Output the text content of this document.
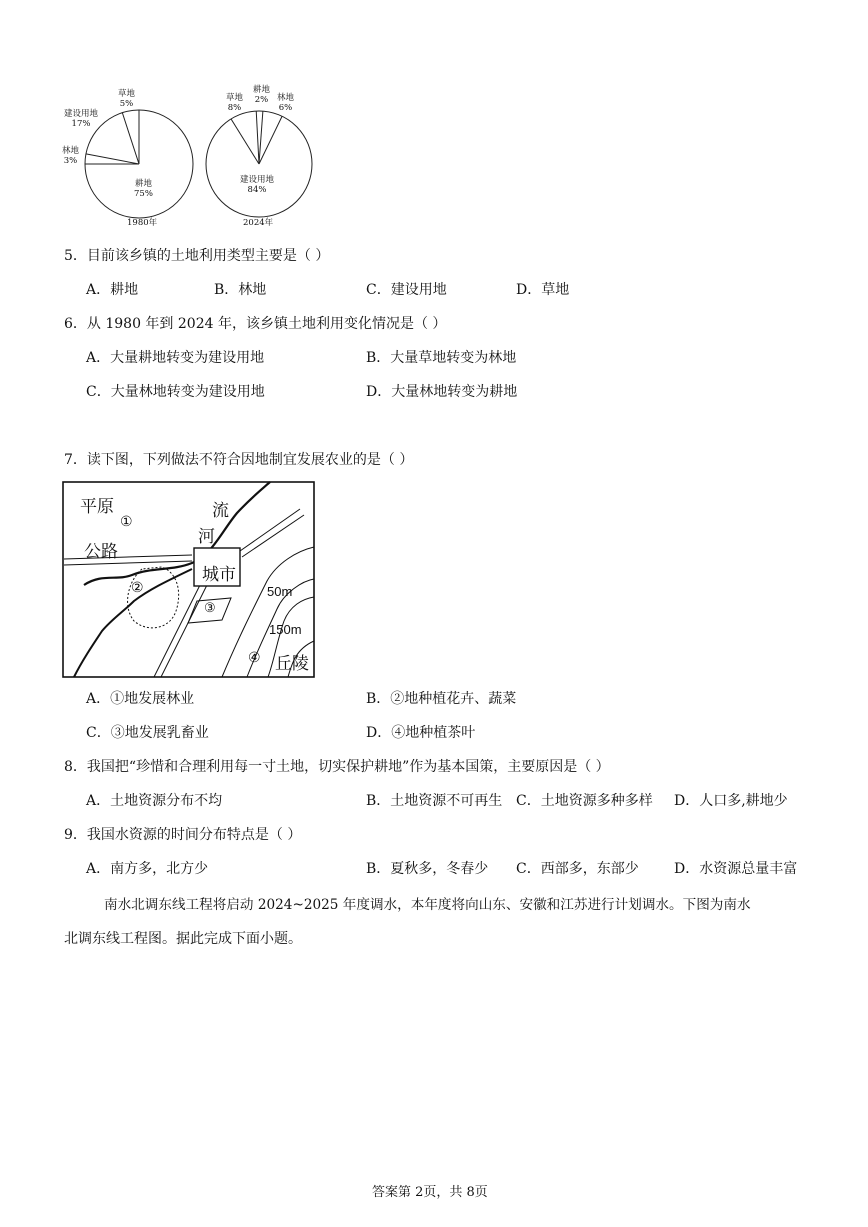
草地
5%
建设用地
17%
林地
3%
耕地
75%
1980年
草地
8%
耕地
2% 林地
6%
建设用地
84%
2024年
5．目前该乡镇的土地利用类型主要是（ ）
A．耕地	B．林地	C．建设用地	D．草地
6．从 1980 年到 2024 年，该乡镇土地利用变化情况是（ ）
A．大量耕地转变为建设用地	B．大量草地转变为林地
C．大量林地转变为建设用地	D．大量林地转变为耕地
7．读下图，下列做法不符合因地制宜发展农业的是（ ）
平原
①
流
河
公路
城市
②
③
50m
150m
④ 丘陵
A．①地发展林业	B．②地种植花卉、蔬菜
C．③地发展乳畜业	D．④地种植茶叶
8．我国把“珍惜和合理利用每一寸土地，切实保护耕地”作为基本国策，主要原因是（ ）
A．土地资源分布不均	B．土地资源不可再生 C．土地资源多种多样 D．人口多,耕地少
9．我国水资源的时间分布特点是（ ）
A．南方多，北方少	B．夏秋多，冬春少 C．西部多，东部少	D．水资源总量丰富
南水北调东线工程将启动 2024~2025 年度调水，本年度将向山东、安徽和江苏进行计划调水。下图为南水
北调东线工程图。据此完成下面小题。
答案第 2页，共 8页
